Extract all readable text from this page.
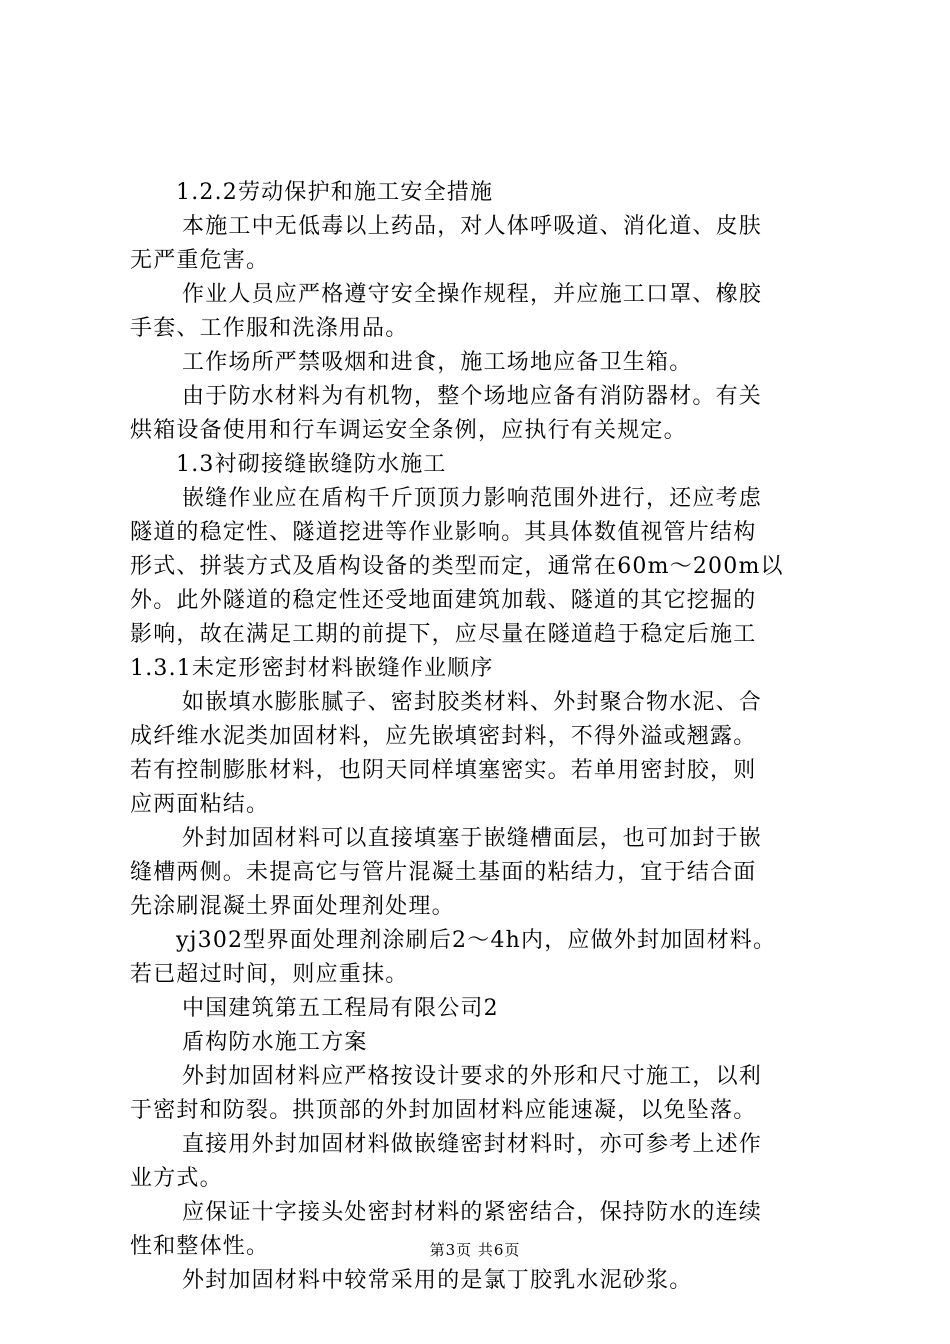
1.2.2劳动保护和施工安全措施
本施工中无低毒以上药品，对人体呼吸道、消化道、皮肤
无严重危害。
作业人员应严格遵守安全操作规程，并应施工口罩、橡胶
手套、工作服和洗涤用品。
工作场所严禁吸烟和进食，施工场地应备卫生箱。
由于防水材料为有机物，整个场地应备有消防器材。有关
烘箱设备使用和行车调运安全条例，应执行有关规定。
1.3衬砌接缝嵌缝防水施工
嵌缝作业应在盾构千斤顶顶力影响范围外进行，还应考虑
隧道的稳定性、隧道挖进等作业影响。其具体数值视管片结构
形式、拼装方式及盾构设备的类型而定，通常在60m～200m以
外。此外隧道的稳定性还受地面建筑加载、隧道的其它挖掘的
影响，故在满足工期的前提下，应尽量在隧道趋于稳定后施工
1.3.1未定形密封材料嵌缝作业顺序
如嵌填水膨胀腻子、密封胶类材料、外封聚合物水泥、合
成纤维水泥类加固材料，应先嵌填密封料，不得外溢或翘露。
若有控制膨胀材料，也阴天同样填塞密实。若单用密封胶，则
应两面粘结。
外封加固材料可以直接填塞于嵌缝槽面层，也可加封于嵌
缝槽两侧。未提高它与管片混凝土基面的粘结力，宜于结合面
先涂刷混凝土界面处理剂处理。
yj302型界面处理剂涂刷后2～4h内，应做外封加固材料。
若已超过时间，则应重抹。
中国建筑第五工程局有限公司2
盾构防水施工方案
外封加固材料应严格按设计要求的外形和尺寸施工，以利
于密封和防裂。拱顶部的外封加固材料应能速凝，以免坠落。
直接用外封加固材料做嵌缝密封材料时，亦可参考上述作
业方式。
应保证十字接头处密封材料的紧密结合，保持防水的连续
性和整体性。
外封加固材料中较常采用的是氯丁胶乳水泥砂浆。
第3页 共6页
